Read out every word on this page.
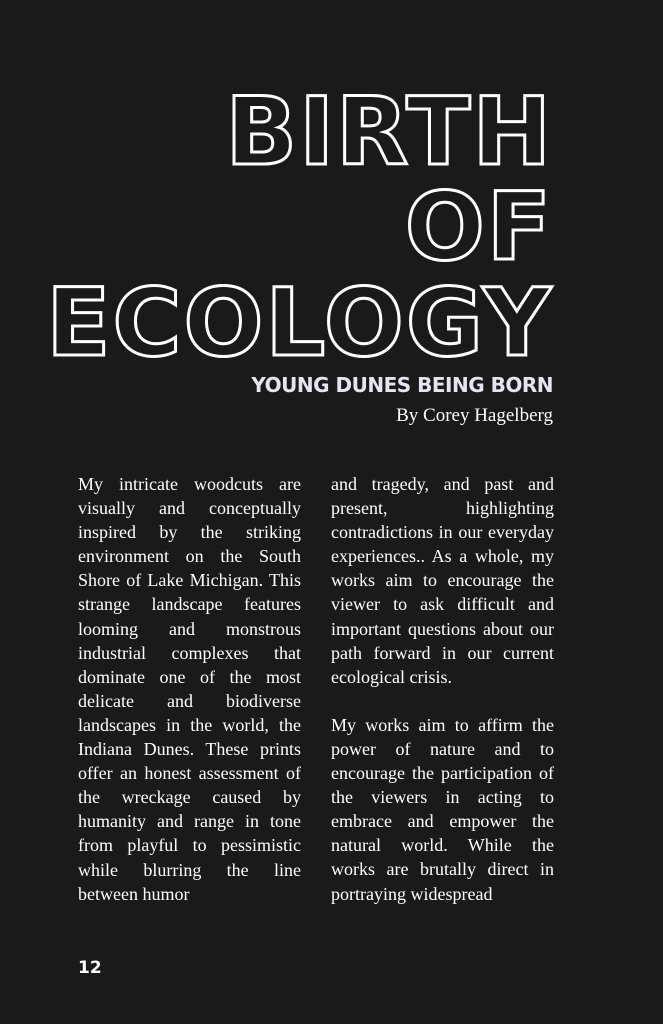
BIRTH
OF
ECOLOGY
YOUNG DUNES BEING BORN

By Corey Hagelberg

My intricate woodcuts are visually and conceptually inspired by the striking environment on the South Shore of Lake Michigan. This strange landscape features looming and monstrous industrial complexes that dominate one of the most delicate and biodiverse landscapes in the world, the Indiana Dunes. These prints offer an honest assessment of the wreckage caused by humanity and range in tone from playful to pessimistic while blurring the line between humor

and tragedy, and past and present, highlighting contradictions in our everyday experiences.. As a whole, my works aim to encourage the viewer to ask difficult and important questions about our path forward in our current ecological crisis.

My works aim to affirm the power of nature and to encourage the participation of the viewers in acting to embrace and empower the natural world. While the works are brutally direct in portraying widespread

12
